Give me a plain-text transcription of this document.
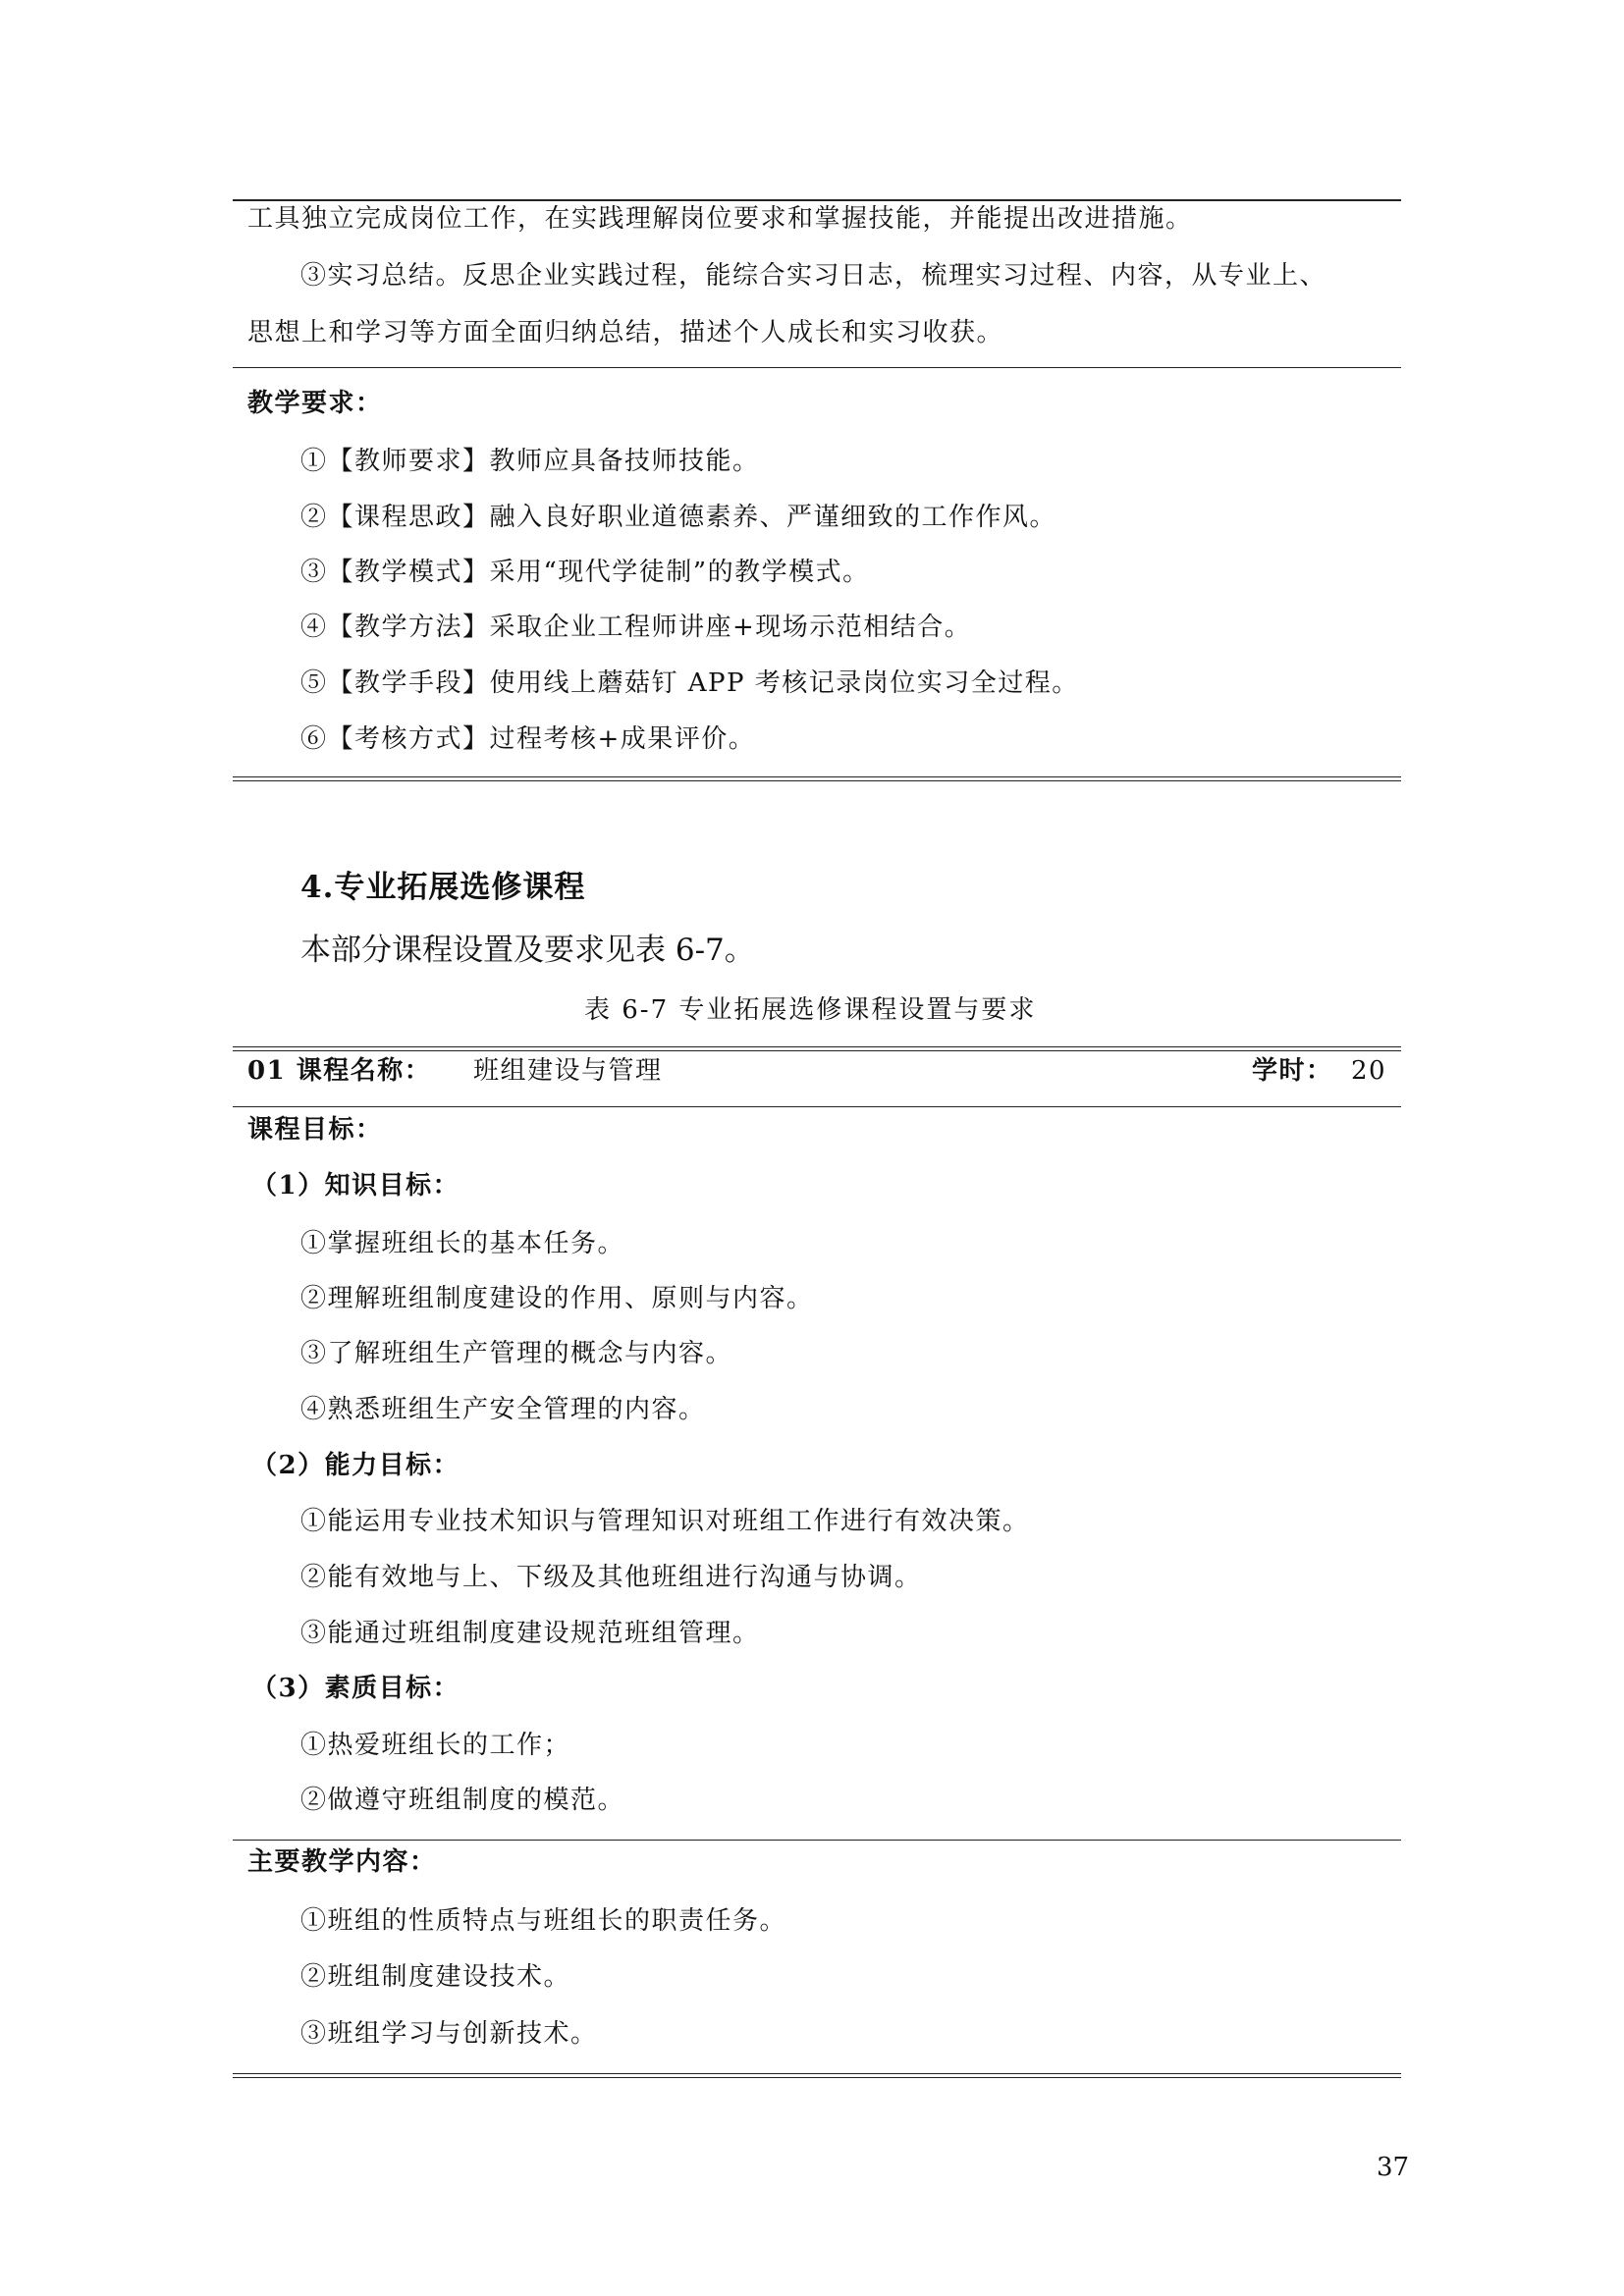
工具独立完成岗位工作，在实践理解岗位要求和掌握技能，并能提出改进措施。
③实习总结。反思企业实践过程，能综合实习日志，梳理实习过程、内容，从专业上、
思想上和学习等方面全面归纳总结，描述个人成长和实习收获。
教学要求：
①【教师要求】教师应具备技师技能。
②【课程思政】融入良好职业道德素养、严谨细致的工作作风。
③【教学模式】采用“现代学徒制”的教学模式。
④【教学方法】采取企业工程师讲座+现场示范相结合。
⑤【教学手段】使用线上蘑菇钉 APP 考核记录岗位实习全过程。
⑥【考核方式】过程考核+成果评价。
4.专业拓展选修课程
本部分课程设置及要求见表 6-7。
表 6-7 专业拓展选修课程设置与要求
01 课程名称： 班组建设与管理	学时： 20
课程目标：
（1）知识目标：
①掌握班组长的基本任务。
②理解班组制度建设的作用、原则与内容。
③了解班组生产管理的概念与内容。
④熟悉班组生产安全管理的内容。
（2）能力目标：
①能运用专业技术知识与管理知识对班组工作进行有效决策。
②能有效地与上、下级及其他班组进行沟通与协调。
③能通过班组制度建设规范班组管理。
（3）素质目标：
①热爱班组长的工作；
②做遵守班组制度的模范。
主要教学内容：
①班组的性质特点与班组长的职责任务。
②班组制度建设技术。
③班组学习与创新技术。
37
